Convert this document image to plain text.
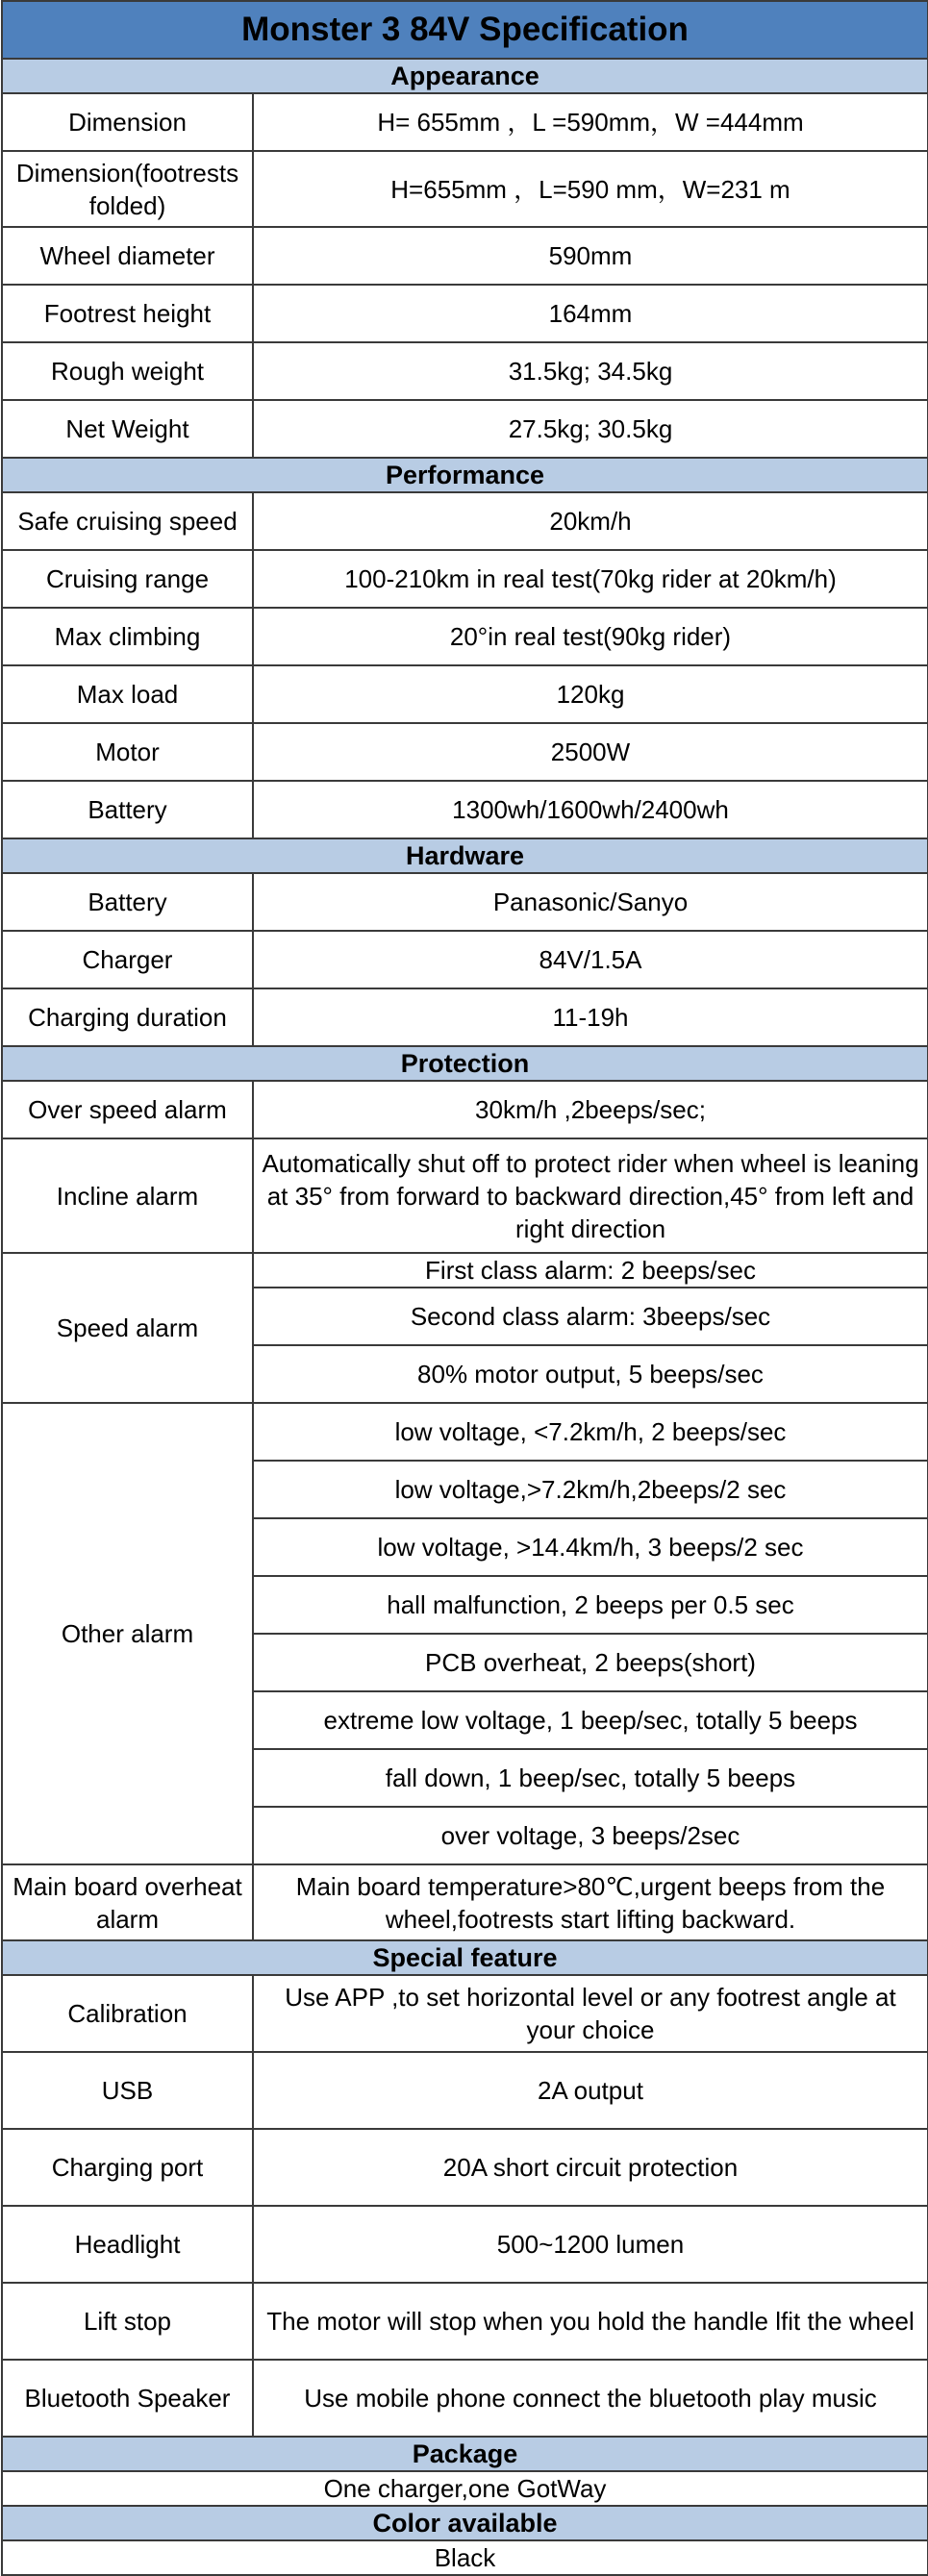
Monster 3 84V Specification	
Appearance	
Dimension	H= 655mm ，L =590mm，W =444mm
Dimension(footrests folded)	H=655mm ，L=590 mm，W=231 m
Wheel diameter	590mm
Footrest height	164mm
Rough weight	31.5kg; 34.5kg
Net Weight	27.5kg; 30.5kg
Performance	
Safe cruising speed	20km/h
Cruising range	100-210km in real test(70kg rider at 20km/h)
Max climbing	20°in real test(90kg rider)
Max load	120kg
Motor	2500W
Battery	1300wh/1600wh/2400wh
Hardware	
Battery	Panasonic/Sanyo
Charger	84V/1.5A
Charging duration	11-19h
Protection	
Over speed alarm	30km/h ,2beeps/sec;
Incline alarm	Automatically shut off to protect rider when wheel is leaning at 35° from forward to backward direction,45° from left and right direction
Speed alarm	First class alarm: 2 beeps/sec
	Second class alarm: 3beeps/sec
	80% motor output, 5 beeps/sec
Other alarm	low voltage, <7.2km/h, 2 beeps/sec
	low voltage,>7.2km/h,2beeps/2 sec
	low voltage, >14.4km/h, 3 beeps/2 sec
	hall malfunction, 2 beeps per 0.5 sec
	PCB overheat, 2 beeps(short)
	extreme low voltage, 1 beep/sec, totally 5 beeps
	fall down, 1 beep/sec, totally 5 beeps
	over voltage, 3 beeps/2sec
Main board overheat alarm	Main board temperature>80℃,urgent beeps from the wheel,footrests start lifting backward.
Special feature	
Calibration	Use APP ,to set horizontal level or any footrest angle at your choice
USB	2A output
Charging port	20A short circuit protection
Headlight	500~1200 lumen
Lift stop	The motor will stop when you hold the handle lfit the wheel
Bluetooth Speaker	Use mobile phone connect the bluetooth play music
Package	
One charger,one GotWay	
Color available	
Black	
